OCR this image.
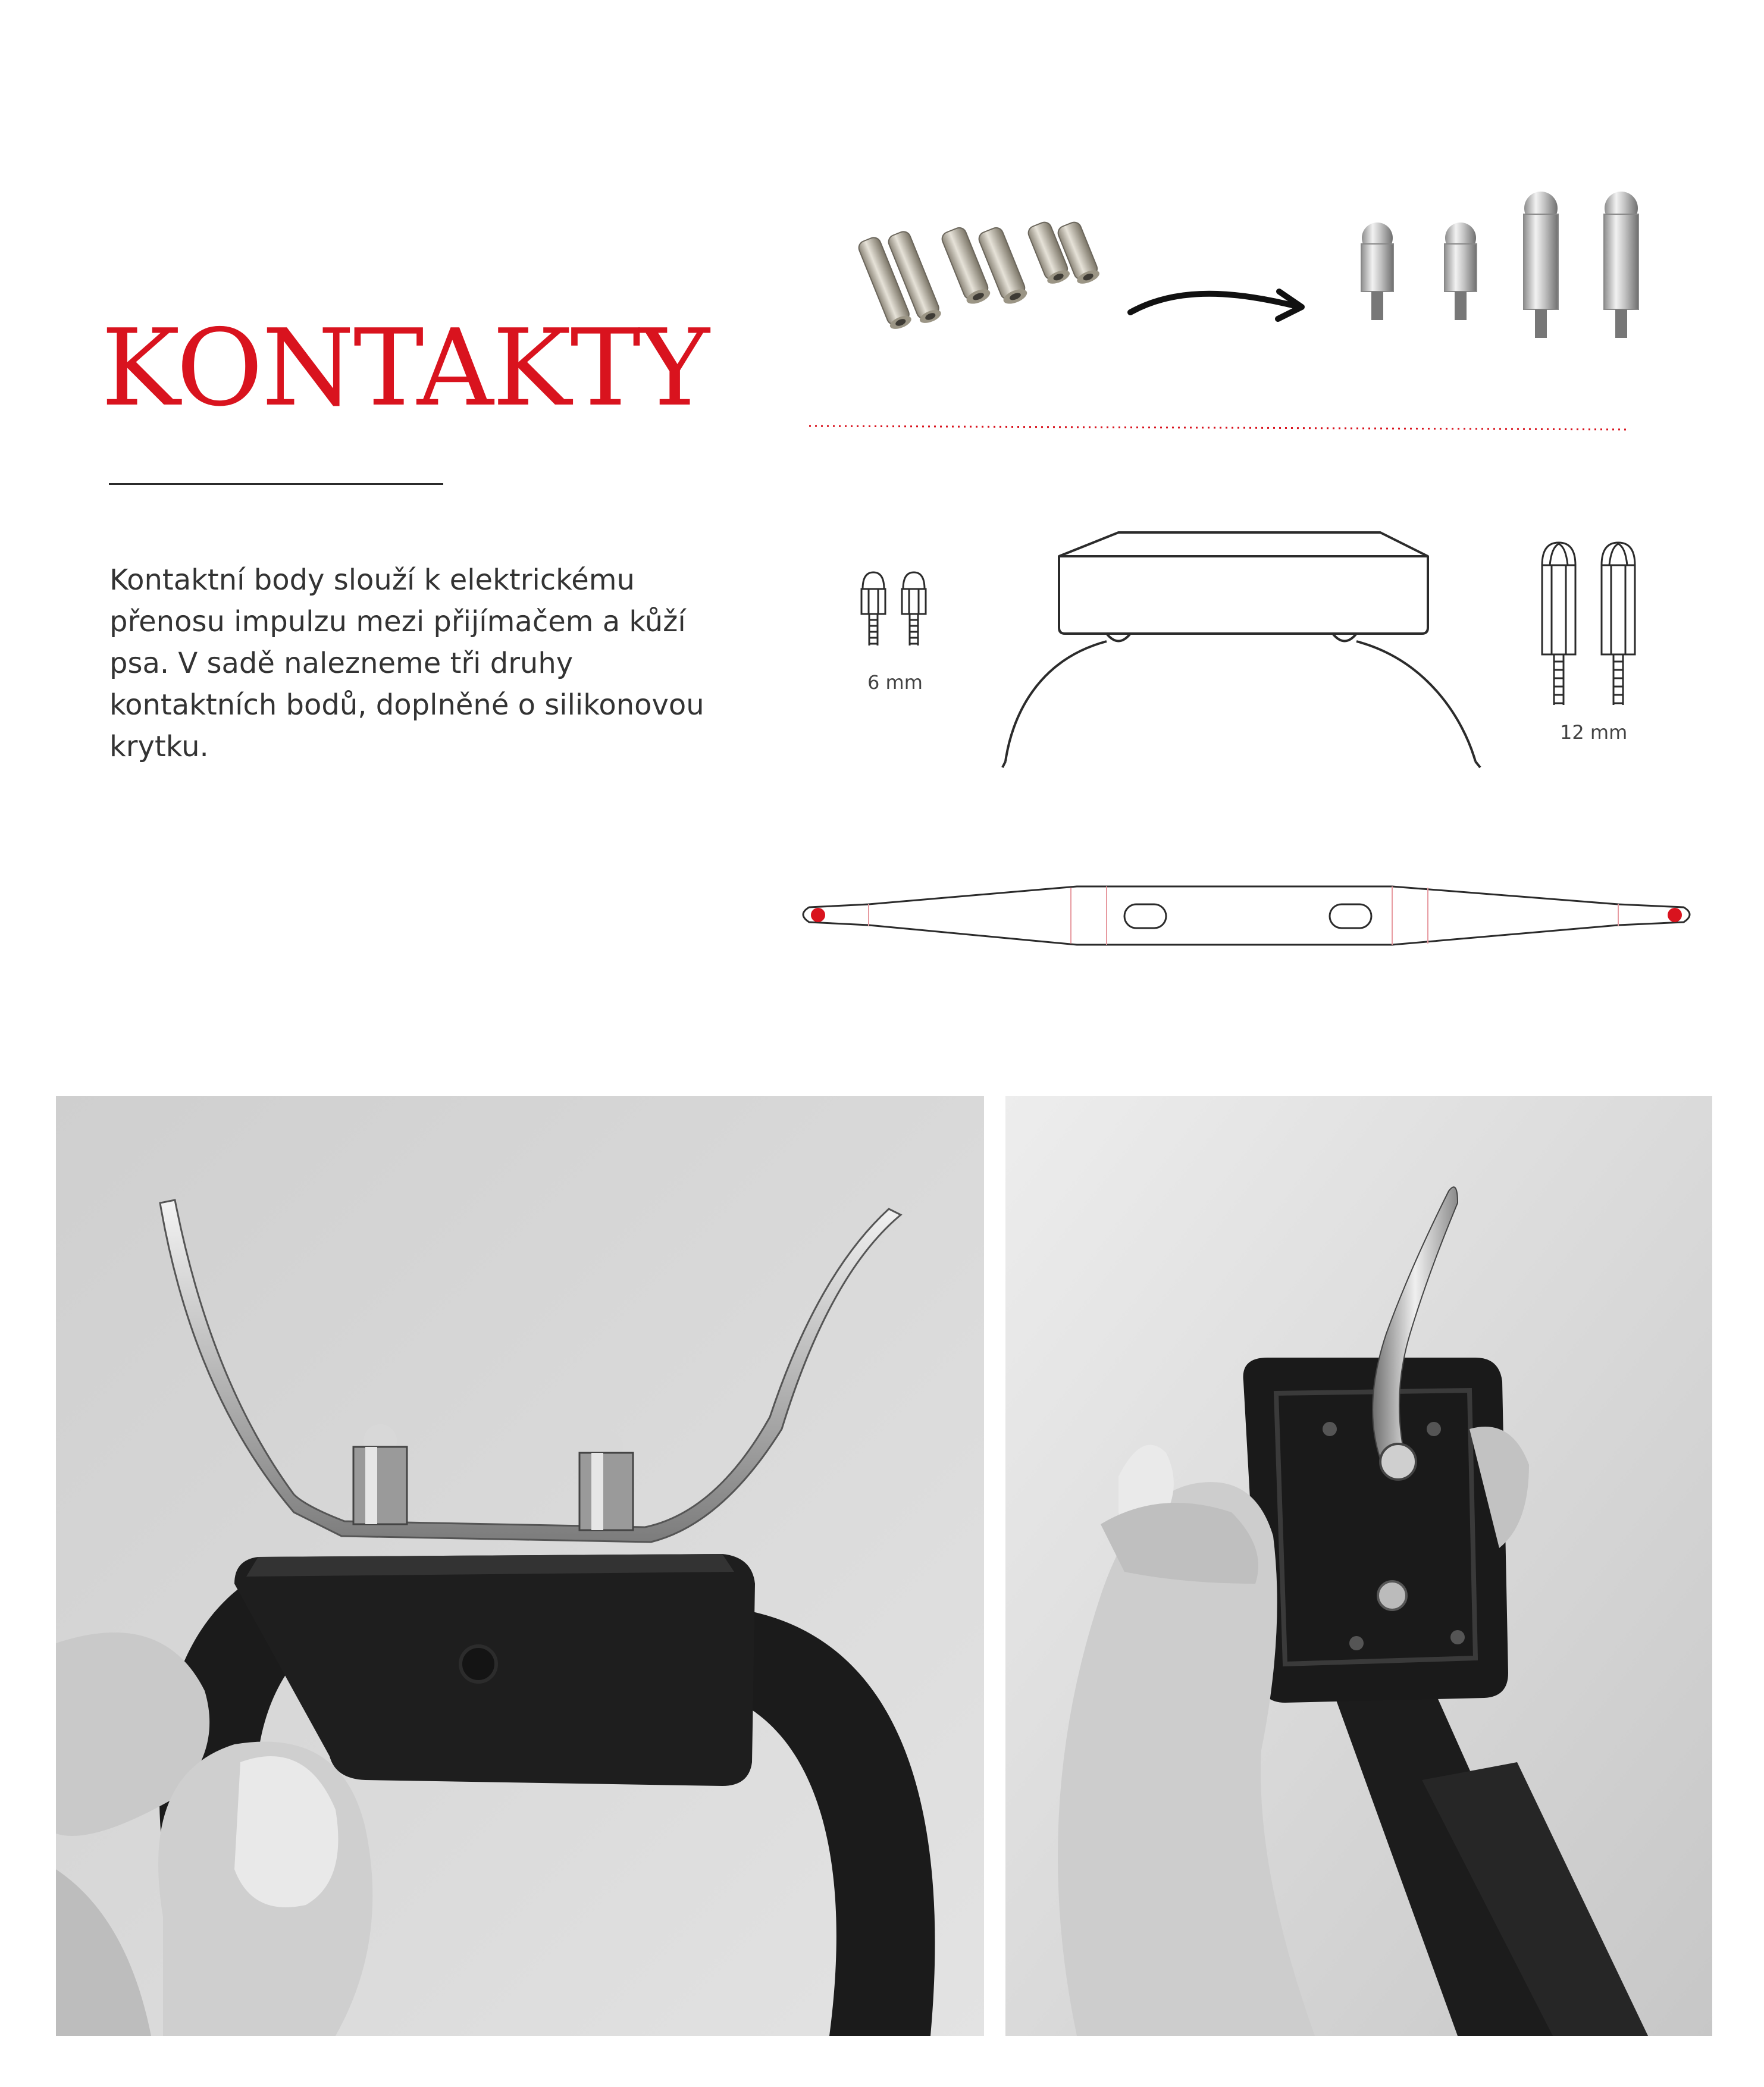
KONTAKTY

Kontaktní body slouží k elektrickému

přenosu impulzu mezi přijímačem a kůží

psa. V sadě nalezneme tři druhy

kontaktních bodů, doplněné o silikonovou

krytku.

6 mm
12 mm
